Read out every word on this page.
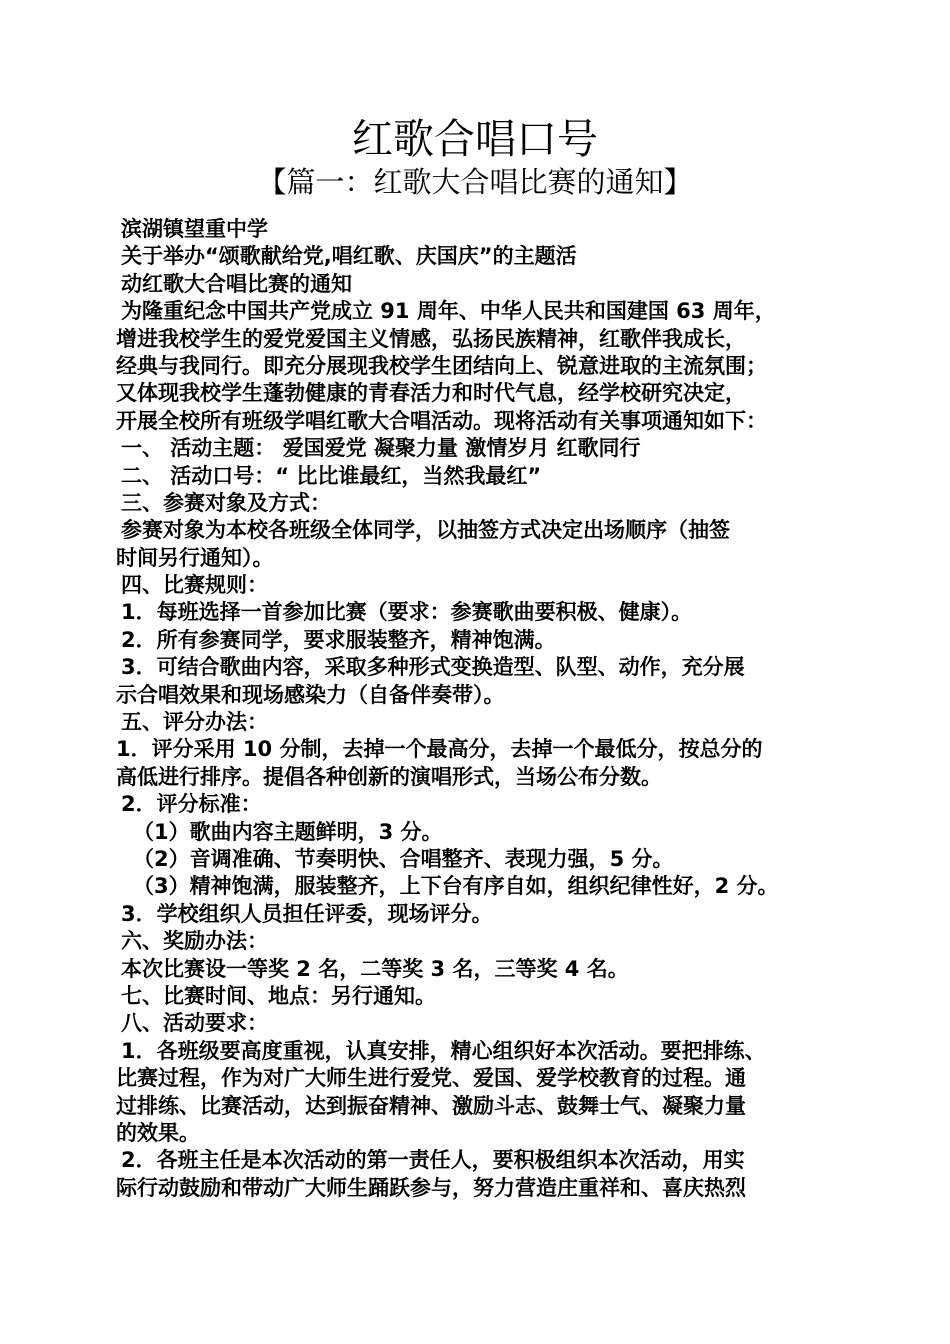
红歌合唱口号
【篇一：红歌大合唱比赛的通知】
滨湖镇望重中学
关于举办“颂歌献给党,唱红歌、庆国庆”的主题活
动红歌大合唱比赛的通知
为隆重纪念中国共产党成立 91 周年、中华人民共和国建国 63 周年，
增进我校学生的爱党爱国主义情感，弘扬民族精神，红歌伴我成长，
经典与我同行。即充分展现我校学生团结向上、锐意进取的主流氛围；
又体现我校学生蓬勃健康的青春活力和时代气息，经学校研究决定，
开展全校所有班级学唱红歌大合唱活动。现将活动有关事项通知如下：
一、 活动主题： 爱国爱党 凝聚力量 激情岁月 红歌同行
二、 活动口号：“ 比比谁最红，当然我最红”
三、参赛对象及方式：
参赛对象为本校各班级全体同学，以抽签方式决定出场顺序（抽签
时间另行通知）。
四、比赛规则：
1．每班选择一首参加比赛（要求：参赛歌曲要积极、健康）。
2．所有参赛同学，要求服装整齐，精神饱满。
3．可结合歌曲内容，采取多种形式变换造型、队型、动作，充分展
示合唱效果和现场感染力（自备伴奏带）。
五、评分办法：
1．评分采用 10 分制，去掉一个最高分，去掉一个最低分，按总分的
高低进行排序。提倡各种创新的演唱形式，当场公布分数。
2．评分标准：
（1）歌曲内容主题鲜明，3 分。
（2）音调准确、节奏明快、合唱整齐、表现力强，5 分。
（3）精神饱满，服装整齐，上下台有序自如，组织纪律性好，2 分。
3．学校组织人员担任评委，现场评分。
六、奖励办法：
本次比赛设一等奖 2 名，二等奖 3 名，三等奖 4 名。
七、比赛时间、地点：另行通知。
八、活动要求：
1．各班级要高度重视，认真安排，精心组织好本次活动。要把排练、
比赛过程，作为对广大师生进行爱党、爱国、爱学校教育的过程。通
过排练、比赛活动，达到振奋精神、激励斗志、鼓舞士气、凝聚力量
的效果。
2．各班主任是本次活动的第一责任人，要积极组织本次活动，用实
际行动鼓励和带动广大师生踊跃参与，努力营造庄重祥和、喜庆热烈
